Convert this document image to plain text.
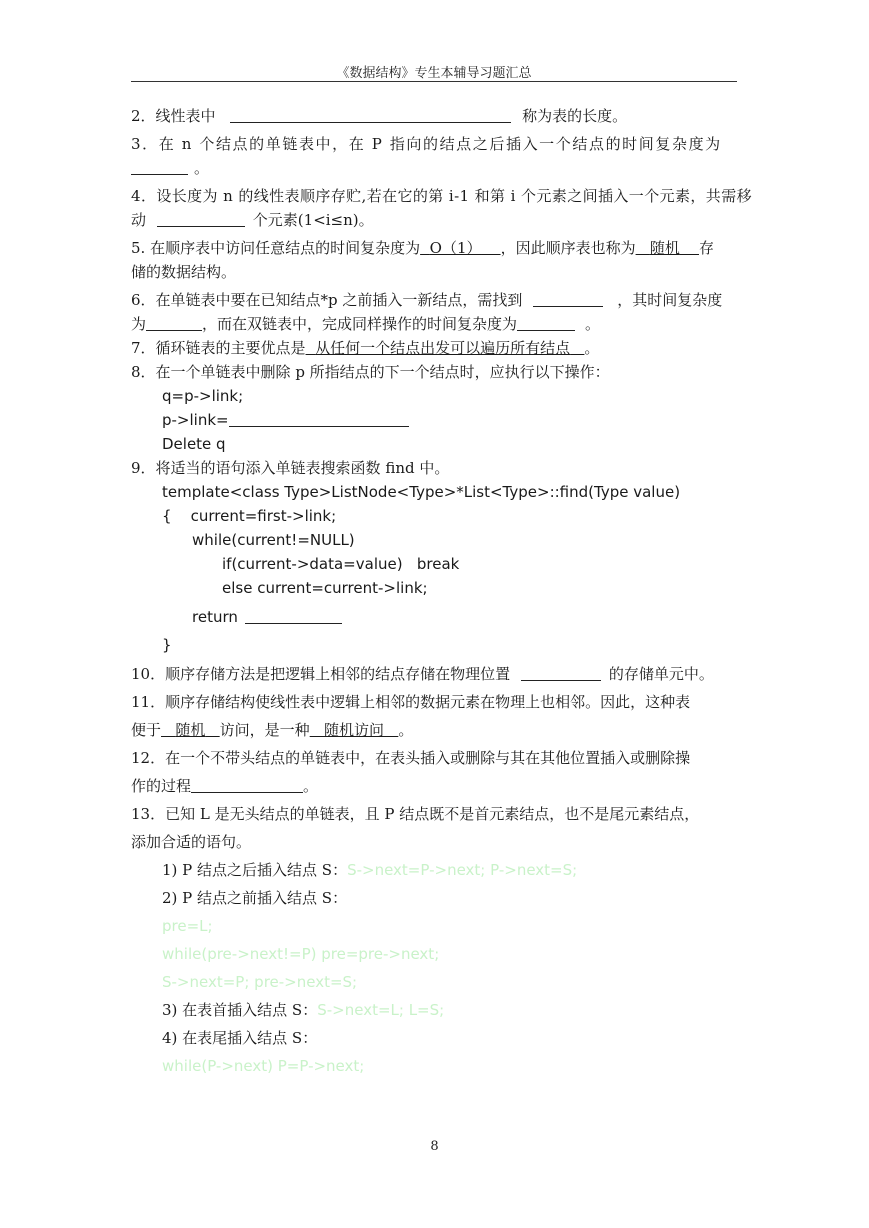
《数据结构》专生本辅导习题汇总

2．线性表中	称为表的长度。

3．在 n 个结点的单链表中，在 P 指向的结点之后插入一个结点的时间复杂度为

。

4．设长度为 n 的线性表顺序存贮,若在它的第 i-1 和第 i 个元素之间插入一个元素，共需移

动	个元素(1<i≤n)。

5. 在顺序表中访问任意结点的时间复杂度为 O（1） ，因此顺序表也称为 随机 存

储的数据结构。

6．在单链表中要在已知结点*p 之前插入一新结点，需找到	，其时间复杂度

为	，而在双链表中，完成同样操作的时间复杂度为	。

7．循环链表的主要优点是 从任何一个结点出发可以遍历所有结点 。

8．在一个单链表中删除 p 所指结点的下一个结点时，应执行以下操作：

q=p->link;

p->link=

Delete q

9．将适当的语句添入单链表搜索函数 find 中。

template<class Type>ListNode<Type>*List<Type>::find(Type value)

{    current=first->link;

while(current!=NULL)

if(current->data=value)   break

else current=current->link;

return

}

10．顺序存储方法是把逻辑上相邻的结点存储在物理位置	的存储单元中。

11．顺序存储结构使线性表中逻辑上相邻的数据元素在物理上也相邻。因此，这种表

便于 随机 访问，是一种 随机访问 。

12．在一个不带头结点的单链表中，在表头插入或删除与其在其他位置插入或删除操

作的过程	。

13．已知 L 是无头结点的单链表，且 P 结点既不是首元素结点，也不是尾元素结点，

添加合适的语句。

1) P 结点之后插入结点 S：S->next=P->next; P->next=S;

2) P 结点之前插入结点 S：

pre=L;

while(pre->next!=P) pre=pre->next;

S->next=P; pre->next=S;

3) 在表首插入结点 S：S->next=L; L=S;

4) 在表尾插入结点 S：

while(P->next) P=P->next;

8
